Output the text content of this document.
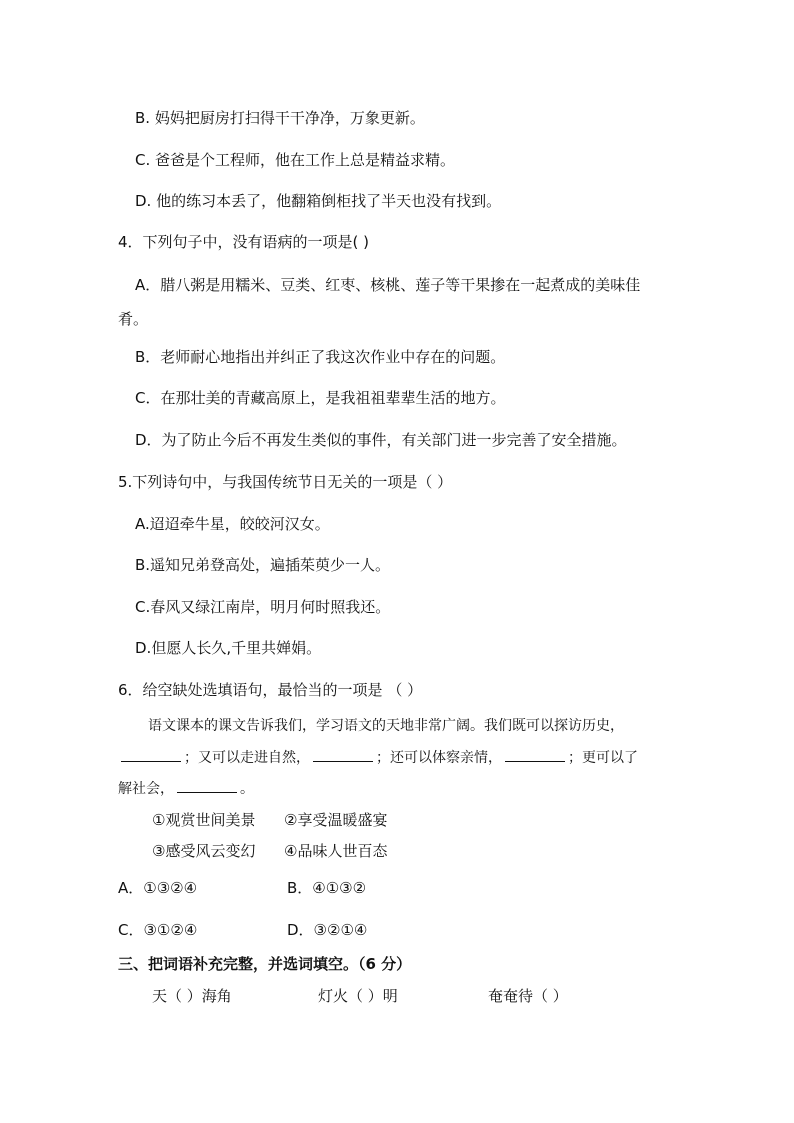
B. 妈妈把厨房打扫得干干净净，万象更新。
C. 爸爸是个工程师，他在工作上总是精益求精。
D. 他的练习本丢了，他翻箱倒柜找了半天也没有找到。
4．下列句子中，没有语病的一项是( )
A．腊八粥是用糯米、豆类、红枣、核桃、莲子等干果掺在一起煮成的美味佳
肴。
B．老师耐心地指出并纠正了我这次作业中存在的问题。
C．在那壮美的青藏高原上，是我祖祖辈辈生活的地方。
D．为了防止今后不再发生类似的事件，有关部门进一步完善了安全措施。
5.下列诗句中，与我国传统节日无关的一项是（ ）
A.迢迢牵牛星，皎皎河汉女。
B.遥知兄弟登高处，遍插茱萸少一人。
C.春风又绿江南岸，明月何时照我还。
D.但愿人长久,千里共婵娟。
6．给空缺处选填语句，最恰当的一项是 （ ）
语文课本的课文告诉我们，学习语文的天地非常广阔。我们既可以探访历史，
；又可以走进自然，	；还可以体察亲情，	；更可以了
解社会，	。
①观赏世间美景 ②享受温暖盛宴
③感受风云变幻 ④品味人世百态
A．①③②④	B．④①③②
C．③①②④	D．③②①④
三、把词语补充完整，并选词填空。（6 分）
天（ ）海角	灯火（ ）明	奄奄待（ ）
